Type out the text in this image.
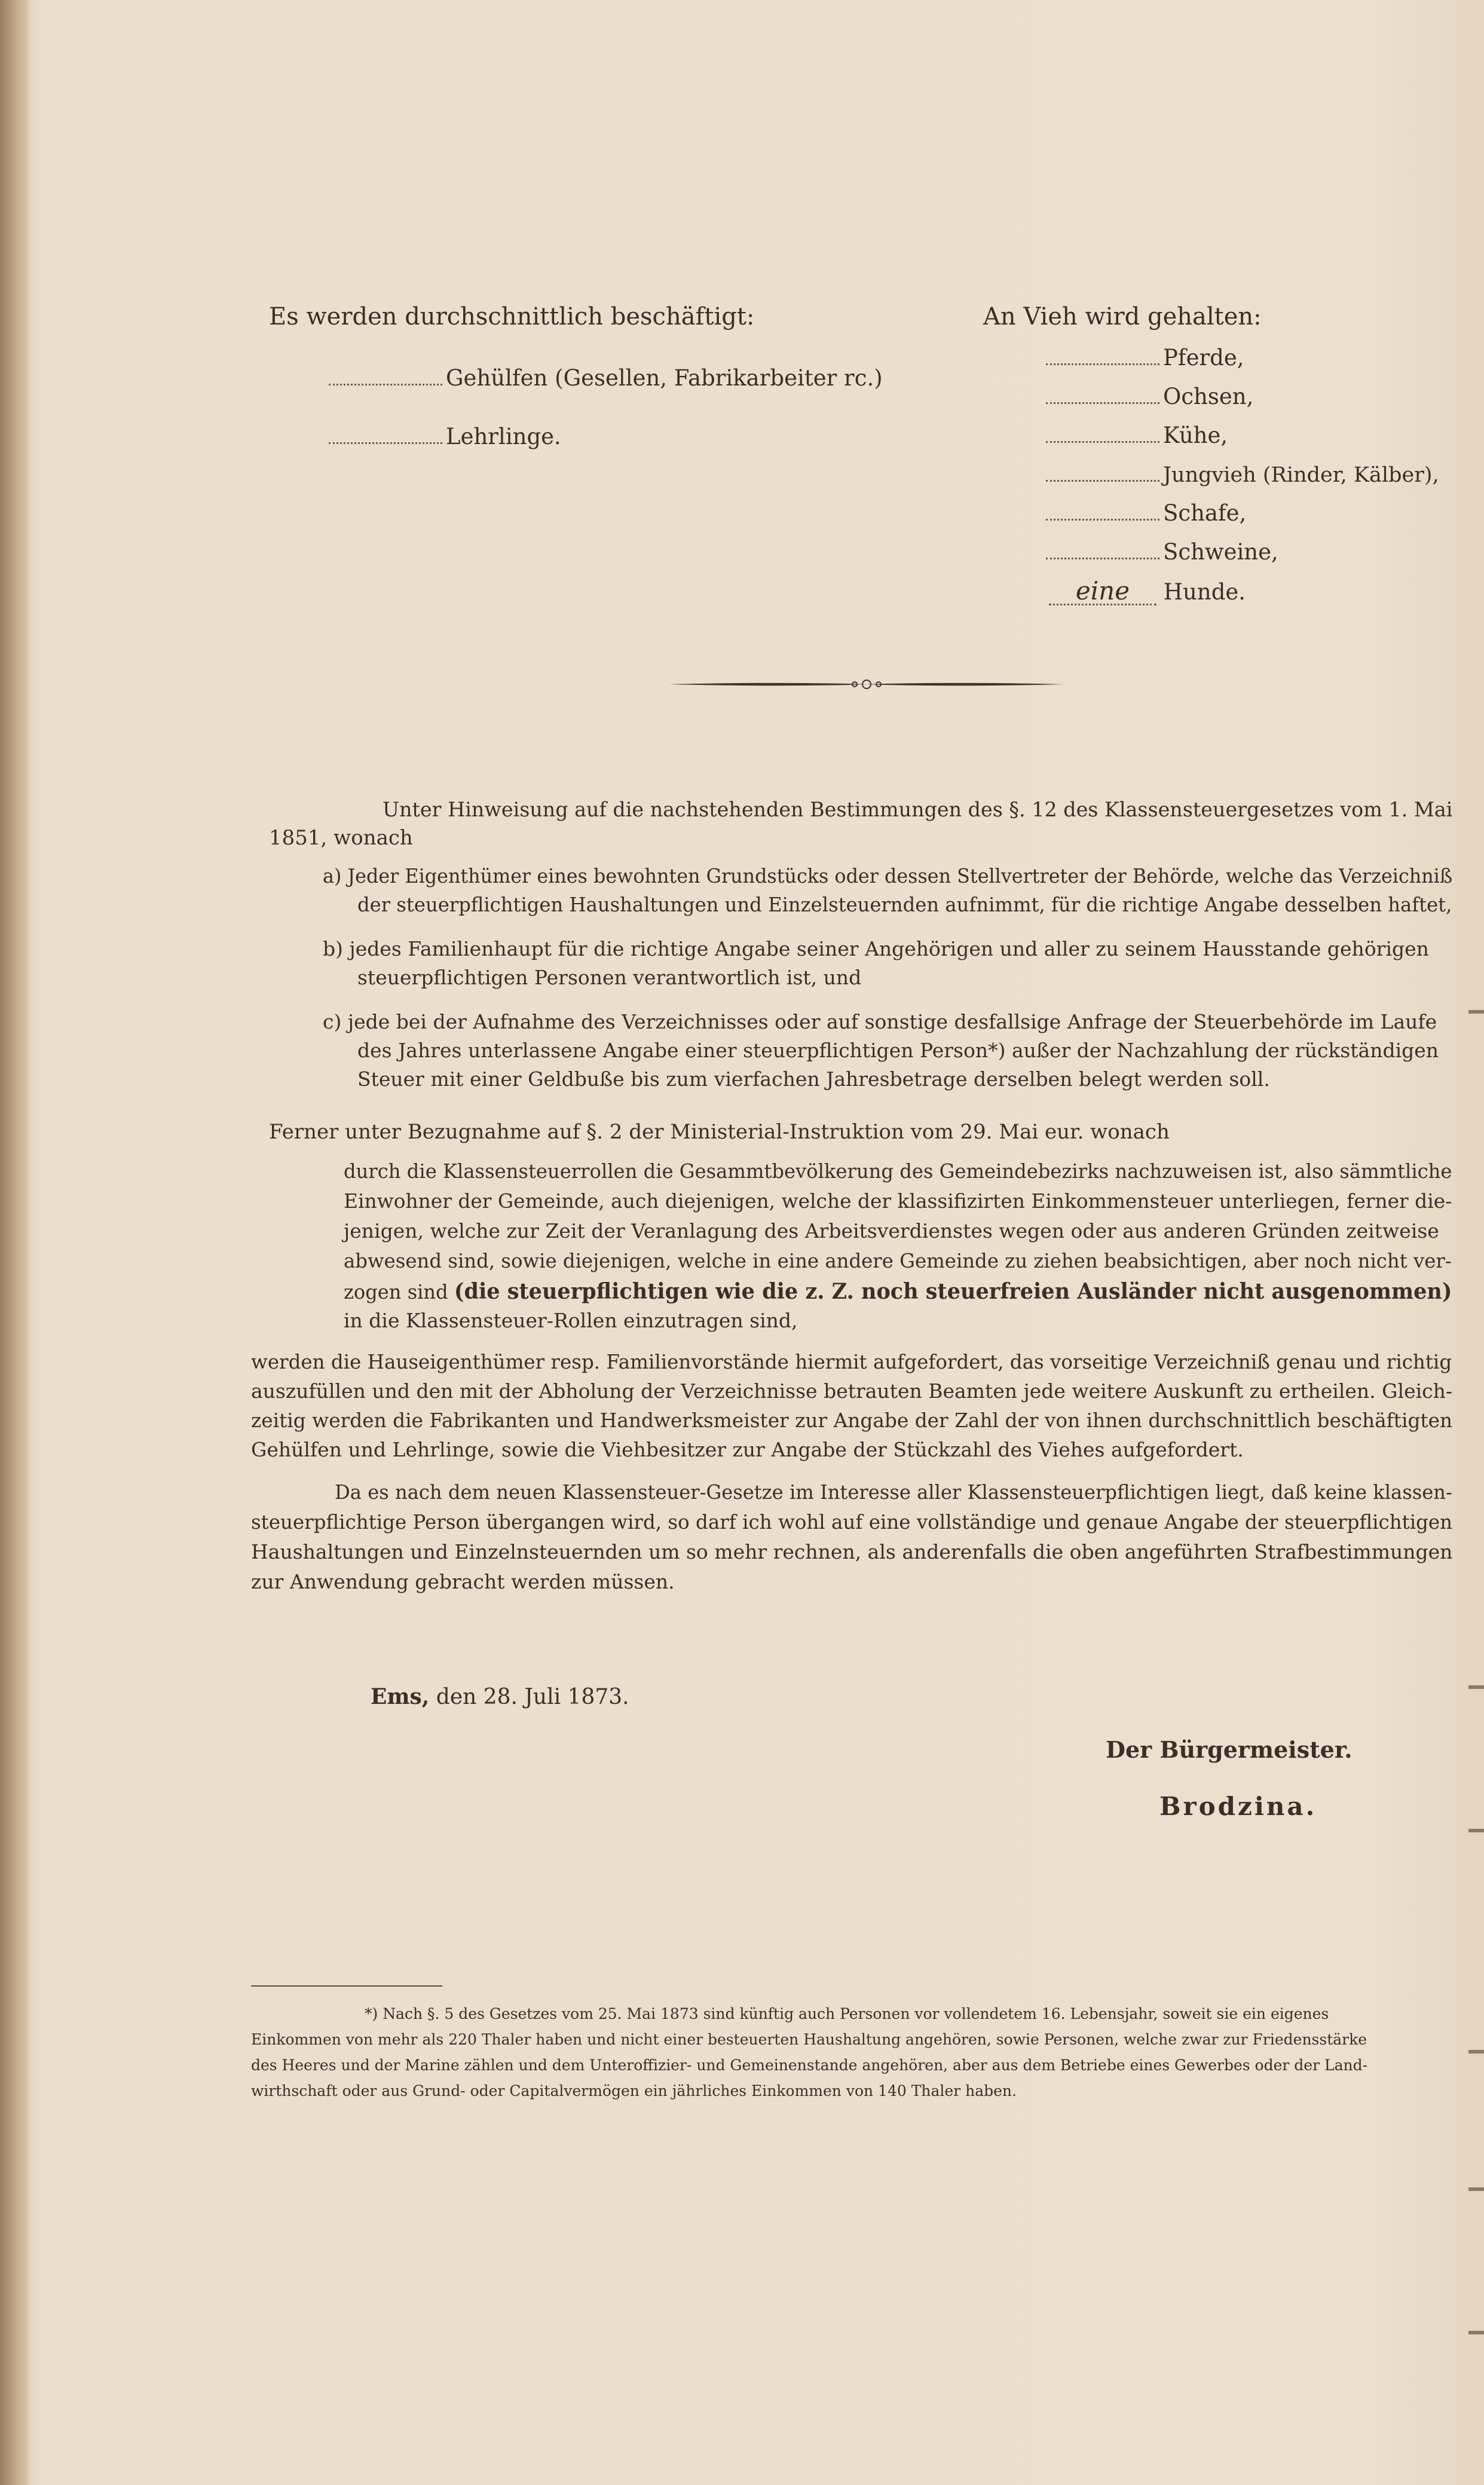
Es werden durchschnittlich beschäftigt:
Gehülfen (Gesellen, Fabrikarbeiter rc.)
Lehrlinge.
An Vieh wird gehalten:
Pferde,
Ochsen,
Kühe,
Jungvieh (Rinder, Kälber),
Schafe,
Schweine,
eine Hunde.
Unter Hinweisung auf die nachstehenden Bestimmungen des §. 12 des Klassensteuergesetzes vom 1. Mai
1851, wonach
a) Jeder Eigenthümer eines bewohnten Grundstücks oder dessen Stellvertreter der Behörde, welche das Verzeichniß
der steuerpflichtigen Haushaltungen und Einzelsteuernden aufnimmt, für die richtige Angabe desselben haftet,
b) jedes Familienhaupt für die richtige Angabe seiner Angehörigen und aller zu seinem Hausstande gehörigen
steuerpflichtigen Personen verantwortlich ist, und
c) jede bei der Aufnahme des Verzeichnisses oder auf sonstige desfallsige Anfrage der Steuerbehörde im Laufe
des Jahres unterlassene Angabe einer steuerpflichtigen Person*) außer der Nachzahlung der rückständigen
Steuer mit einer Geldbuße bis zum vierfachen Jahresbetrage derselben belegt werden soll.
Ferner unter Bezugnahme auf §. 2 der Ministerial-Instruktion vom 29. Mai eur. wonach
durch die Klassensteuerrollen die Gesammtbevölkerung des Gemeindebezirks nachzuweisen ist, also sämmtliche
Einwohner der Gemeinde, auch diejenigen, welche der klassifizirten Einkommensteuer unterliegen, ferner die-
jenigen, welche zur Zeit der Veranlagung des Arbeitsverdienstes wegen oder aus anderen Gründen zeitweise
abwesend sind, sowie diejenigen, welche in eine andere Gemeinde zu ziehen beabsichtigen, aber noch nicht ver-
zogen sind (die steuerpflichtigen wie die z. Z. noch steuerfreien Ausländer nicht ausgenommen)
in die Klassensteuer-Rollen einzutragen sind,
werden die Hauseigenthümer resp. Familienvorstände hiermit aufgefordert, das vorseitige Verzeichniß genau und richtig
auszufüllen und den mit der Abholung der Verzeichnisse betrauten Beamten jede weitere Auskunft zu ertheilen. Gleich-
zeitig werden die Fabrikanten und Handwerksmeister zur Angabe der Zahl der von ihnen durchschnittlich beschäftigten
Gehülfen und Lehrlinge, sowie die Viehbesitzer zur Angabe der Stückzahl des Viehes aufgefordert.
Da es nach dem neuen Klassensteuer-Gesetze im Interesse aller Klassensteuerpflichtigen liegt, daß keine klassen-
steuerpflichtige Person übergangen wird, so darf ich wohl auf eine vollständige und genaue Angabe der steuerpflichtigen
Haushaltungen und Einzelnsteuernden um so mehr rechnen, als anderenfalls die oben angeführten Strafbestimmungen
zur Anwendung gebracht werden müssen.
Ems, den 28. Juli 1873.
Der Bürgermeister.
Brodzina.
*) Nach §. 5 des Gesetzes vom 25. Mai 1873 sind künftig auch Personen vor vollendetem 16. Lebensjahr, soweit sie ein eigenes
Einkommen von mehr als 220 Thaler haben und nicht einer besteuerten Haushaltung angehören, sowie Personen, welche zwar zur Friedensstärke
des Heeres und der Marine zählen und dem Unteroffizier- und Gemeinenstande angehören, aber aus dem Betriebe eines Gewerbes oder der Land-
wirthschaft oder aus Grund- oder Capitalvermögen ein jährliches Einkommen von 140 Thaler haben.
